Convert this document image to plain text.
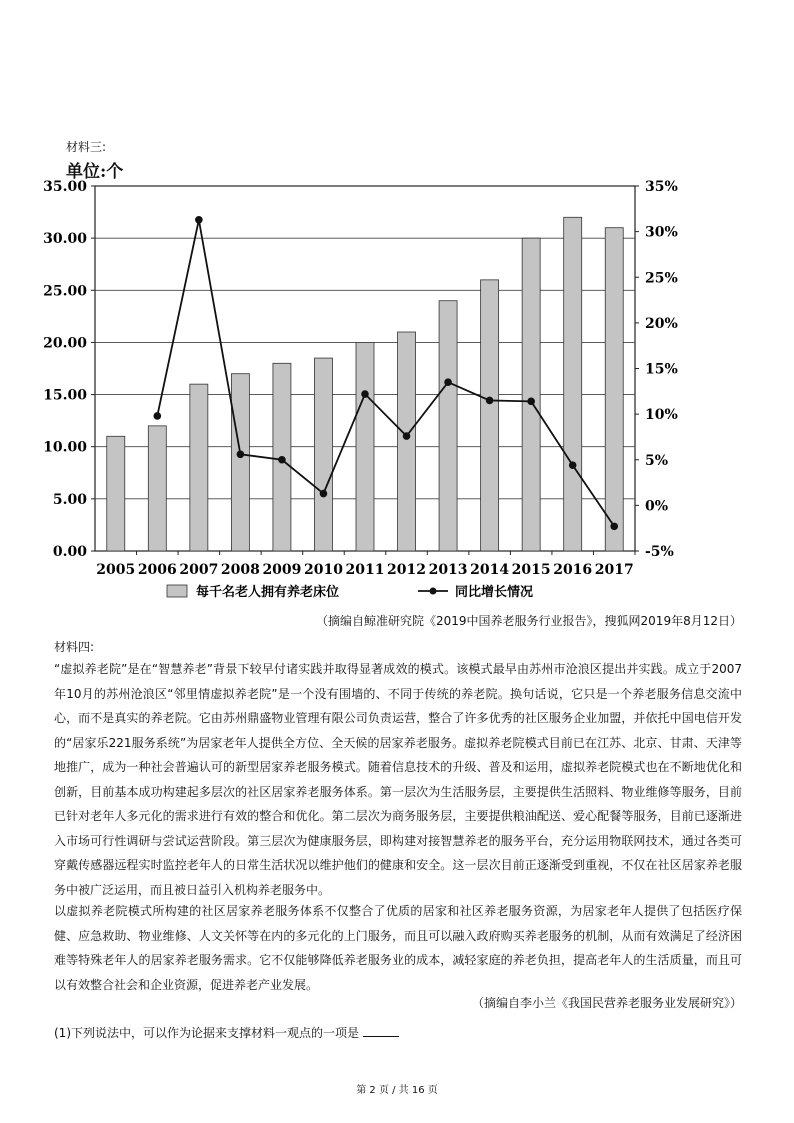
材料三:
单位:个
0.00
5.00
10.00
15.00
20.00
25.00
30.00
35.00
-5%
0%
5%
10%
15%
20%
25%
30%
35%
2005 2006 2007 2008 2009 2010 2011 2012 2013 2014 2015 2016 2017
每千名老人拥有养老床位	同比增长情况
（摘编自鲸准研究院《2019中国养老服务行业报告》，搜狐网2019年8月12日）
材料四:
“虚拟养老院”是在“智慧养老”背景下较早付诸实践并取得显著成效的模式。该模式最早由苏州市沧浪区提出并实践。成立于2007 年10月的苏州沧浪区“邻里情虚拟养老院”是一个没有围墙的、不同于传统的养老院。换句话说，它只是一个养老服务信息交流中心，而不是真实的养老院。它由苏州鼎盛物业管理有限公司负责运营，整合了许多优秀的社区服务企业加盟，并依托中国电信开发的“居家乐221服务系统”为居家老年人提供全方位、全天候的居家养老服务。虚拟养老院模式目前已在江苏、北京、甘肃、天津等地推广，成为一种社会普遍认可的新型居家养老服务模式。随着信息技术的升级、普及和运用，虚拟养老院模式也在不断地优化和创新，目前基本成功构建起多层次的社区居家养老服务体系。第一层次为生活服务层，主要提供生活照料、物业维修等服务，目前已针对老年人多元化的需求进行有效的整合和优化。第二层次为商务服务层，主要提供粮油配送、爱心配餐等服务，目前已逐渐进入市场可行性调研与尝试运营阶段。第三层次为健康服务层，即构建对接智慧养老的服务平台，充分运用物联网技术，通过各类可穿戴传感器远程实时监控老年人的日常生活状况以维护他们的健康和安全。这一层次目前正逐渐受到重视，不仅在社区居家养老服务中被广泛运用，而且被日益引入机构养老服务中。
以虚拟养老院模式所构建的社区居家养老服务体系不仅整合了优质的居家和社区养老服务资源，为居家老年人提供了包括医疗保健、应急救助、物业维修、人文关怀等在内的多元化的上门服务，而且可以融入政府购买养老服务的机制，从而有效满足了经济困难等特殊老年人的居家养老服务需求。它不仅能够降低养老服务业的成本，减轻家庭的养老负担，提高老年人的生活质量，而且可以有效整合社会和企业资源，促进养老产业发展。
（摘编自李小兰《我国民营养老服务业发展研究》）
(1)下列说法中，可以作为论据来支撑材料一观点的一项是
第 2 页 / 共 16 页
